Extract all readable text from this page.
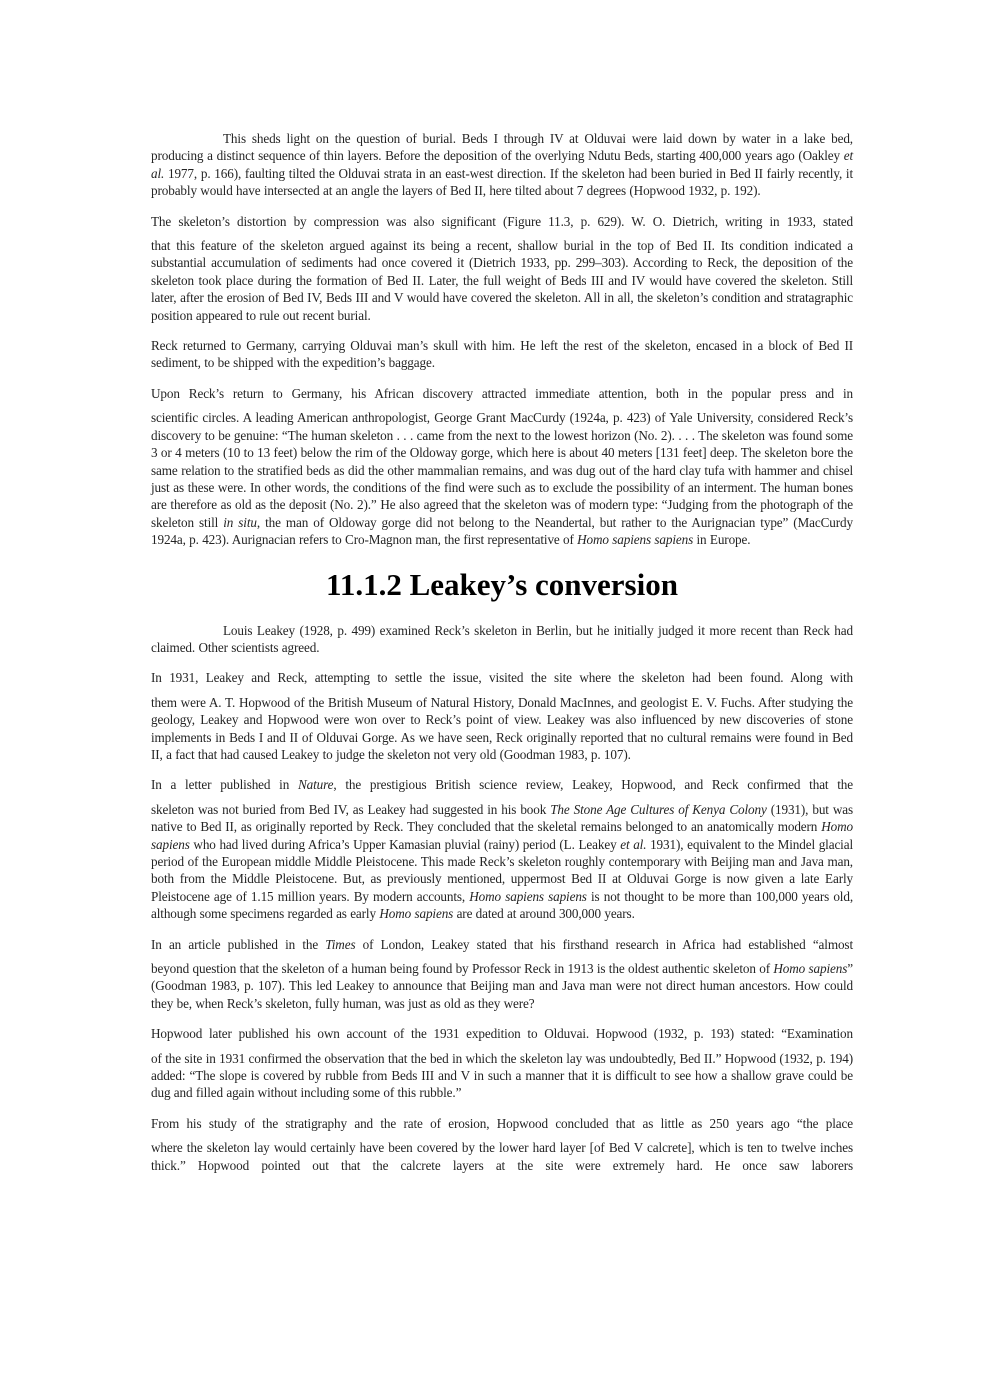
This sheds light on the question of burial. Beds I through IV at Olduvai were laid down by water in a lake bed, producing a distinct sequence of thin layers. Before the deposition of the overlying Ndutu Beds, starting 400,000 years ago (Oakley et al. 1977, p. 166), faulting tilted the Olduvai strata in an east-west direction. If the skeleton had been buried in Bed II fairly recently, it probably would have intersected at an angle the layers of Bed II, here tilted about 7 degrees (Hopwood 1932, p. 192).
The skeleton’s distortion by compression was also significant (Figure 11.3, p. 629). W. O. Dietrich, writing in 1933, stated
that this feature of the skeleton argued against its being a recent, shallow burial in the top of Bed II. Its condition indicated a substantial accumulation of sediments had once covered it (Dietrich 1933, pp. 299–303). According to Reck, the deposition of the skeleton took place during the formation of Bed II. Later, the full weight of Beds III and IV would have covered the skeleton. Still later, after the erosion of Bed IV, Beds III and V would have covered the skeleton. All in all, the skeleton’s condition and stratagraphic position appeared to rule out recent burial.
Reck returned to Germany, carrying Olduvai man’s skull with him. He left the rest of the skeleton, encased in a block of Bed II sediment, to be shipped with the expedition’s baggage.
Upon Reck’s return to Germany, his African discovery attracted immediate attention, both in the popular press and in
scientific circles. A leading American anthropologist, George Grant MacCurdy (1924a, p. 423) of Yale University, considered Reck’s discovery to be genuine: “The human skeleton . . . came from the next to the lowest horizon (No. 2). . . . The skeleton was found some 3 or 4 meters (10 to 13 feet) below the rim of the Oldoway gorge, which here is about 40 meters [131 feet] deep. The skeleton bore the same relation to the stratified beds as did the other mammalian remains, and was dug out of the hard clay tufa with hammer and chisel just as these were. In other words, the conditions of the find were such as to exclude the possibility of an interment. The human bones are therefore as old as the deposit (No. 2).” He also agreed that the skeleton was of modern type: “Judging from the photograph of the skeleton still in situ, the man of Oldoway gorge did not belong to the Neandertal, but rather to the Aurignacian type” (MacCurdy 1924a, p. 423). Aurignacian refers to Cro-Magnon man, the first representative of Homo sapiens sapiens in Europe.
11.1.2 Leakey’s conversion
Louis Leakey (1928, p. 499) examined Reck’s skeleton in Berlin, but he initially judged it more recent than Reck had claimed. Other scientists agreed.
In 1931, Leakey and Reck, attempting to settle the issue, visited the site where the skeleton had been found. Along with
them were A. T. Hopwood of the British Museum of Natural History, Donald MacInnes, and geologist E. V. Fuchs. After studying the geology, Leakey and Hopwood were won over to Reck’s point of view. Leakey was also influenced by new discoveries of stone implements in Beds I and II of Olduvai Gorge. As we have seen, Reck originally reported that no cultural remains were found in Bed II, a fact that had caused Leakey to judge the skeleton not very old (Goodman 1983, p. 107).
In a letter published in Nature, the prestigious British science review, Leakey, Hopwood, and Reck confirmed that the
skeleton was not buried from Bed IV, as Leakey had suggested in his book The Stone Age Cultures of Kenya Colony (1931), but was native to Bed II, as originally reported by Reck. They concluded that the skeletal remains belonged to an anatomically modern Homo sapiens who had lived during Africa’s Upper Kamasian pluvial (rainy) period (L. Leakey et al. 1931), equivalent to the Mindel glacial period of the European middle Middle Pleistocene. This made Reck’s skeleton roughly contemporary with Beijing man and Java man, both from the Middle Pleistocene. But, as previously mentioned, uppermost Bed II at Olduvai Gorge is now given a late Early Pleistocene age of 1.15 million years. By modern accounts, Homo sapiens sapiens is not thought to be more than 100,000 years old, although some specimens regarded as early Homo sapiens are dated at around 300,000 years.
In an article published in the Times of London, Leakey stated that his firsthand research in Africa had established “almost
beyond question that the skeleton of a human being found by Professor Reck in 1913 is the oldest authentic skeleton of Homo sapiens” (Goodman 1983, p. 107). This led Leakey to announce that Beijing man and Java man were not direct human ancestors. How could they be, when Reck’s skeleton, fully human, was just as old as they were?
Hopwood later published his own account of the 1931 expedition to Olduvai. Hopwood (1932, p. 193) stated: “Examination
of the site in 1931 confirmed the observation that the bed in which the skeleton lay was undoubtedly, Bed II.” Hopwood (1932, p. 194) added: “The slope is covered by rubble from Beds III and V in such a manner that it is difficult to see how a shallow grave could be dug and filled again without including some of this rubble.”
From his study of the stratigraphy and the rate of erosion, Hopwood concluded that as little as 250 years ago “the place
where the skeleton lay would certainly have been covered by the lower hard layer [of Bed V calcrete], which is ten to twelve inches thick.” Hopwood pointed out that the calcrete layers at the site were extremely hard. He once saw laborers
